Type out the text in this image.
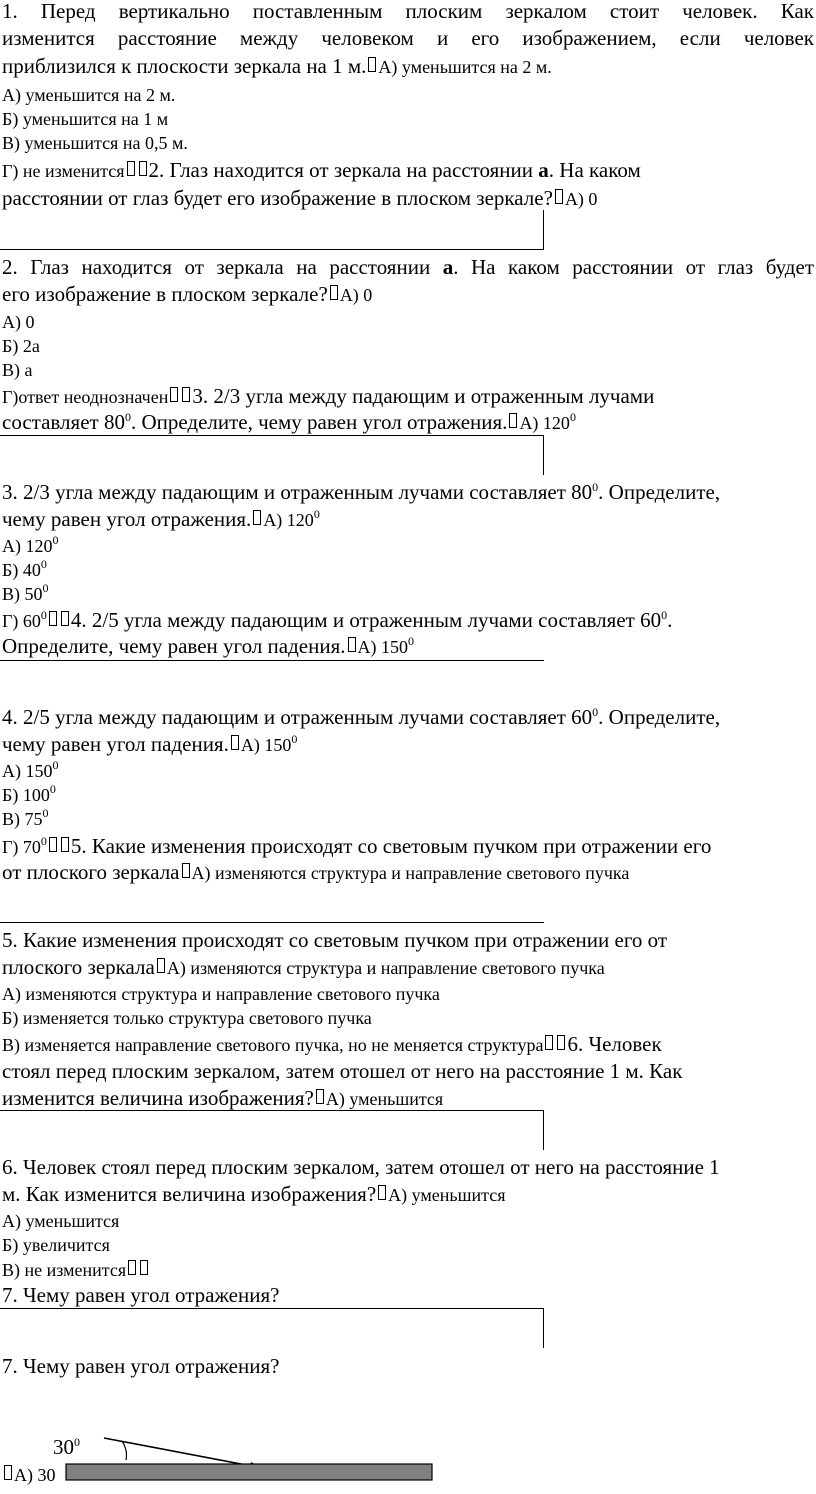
1. Перед вертикально поставленным плоским зеркалом стоит человек. Как
изменится расстояние между человеком и его изображением, если человек
приблизился к плоскости зеркала на 1 м. А) уменьшится на 2 м.
А) уменьшится на 2 м.
Б) уменьшится на 1 м
В) уменьшится на 0,5 м.
Г) не изменится 2. Глаз находится от зеркала на расстоянии а. На каком
расстоянии от глаз будет его изображение в плоском зеркале? А) 0
2. Глаз находится от зеркала на расстоянии а. На каком расстоянии от глаз будет
его изображение в плоском зеркале? А) 0
А) 0
Б) 2а
В) а
Г)ответ неоднозначен 3. 2/3 угла между падающим и отраженным лучами
составляет $80^0$. Определите, чему равен угол отражения. А) $120^0$
3. 2/3 угла между падающим и отраженным лучами составляет $80^0$. Определите,
чему равен угол отражения. А) $120^0$
А) $120^0$
Б) $40^0$
В) $50^0$
Г) $60^0$ 4. 2/5 угла между падающим и отраженным лучами составляет $60^0$.
Определите, чему равен угол падения. А) $150^0$
4. 2/5 угла между падающим и отраженным лучами составляет $60^0$. Определите,
чему равен угол падения. А) $150^0$
А) $150^0$
Б) $100^0$
В) $75^0$
Г) $70^0$ 5. Какие изменения происходят со световым пучком при отражении его
от плоского зеркала А) изменяются структура и направление светового пучка
5. Какие изменения происходят со световым пучком при отражении его от
плоского зеркала А) изменяются структура и направление светового пучка
А) изменяются структура и направление светового пучка
Б) изменяется только структура светового пучка
В) изменяется направление светового пучка, но не меняется структура 6. Человек
стоял перед плоским зеркалом, затем отошел от него на расстояние 1 м. Как
изменится величина изображения? А) уменьшится
6. Человек стоял перед плоским зеркалом, затем отошел от него на расстояние 1
м. Как изменится величина изображения? А) уменьшится
А) уменьшится
Б) увеличится
В) не изменится
7. Чему равен угол отражения?
7. Чему равен угол отражения?
$30^0$
А) 30
